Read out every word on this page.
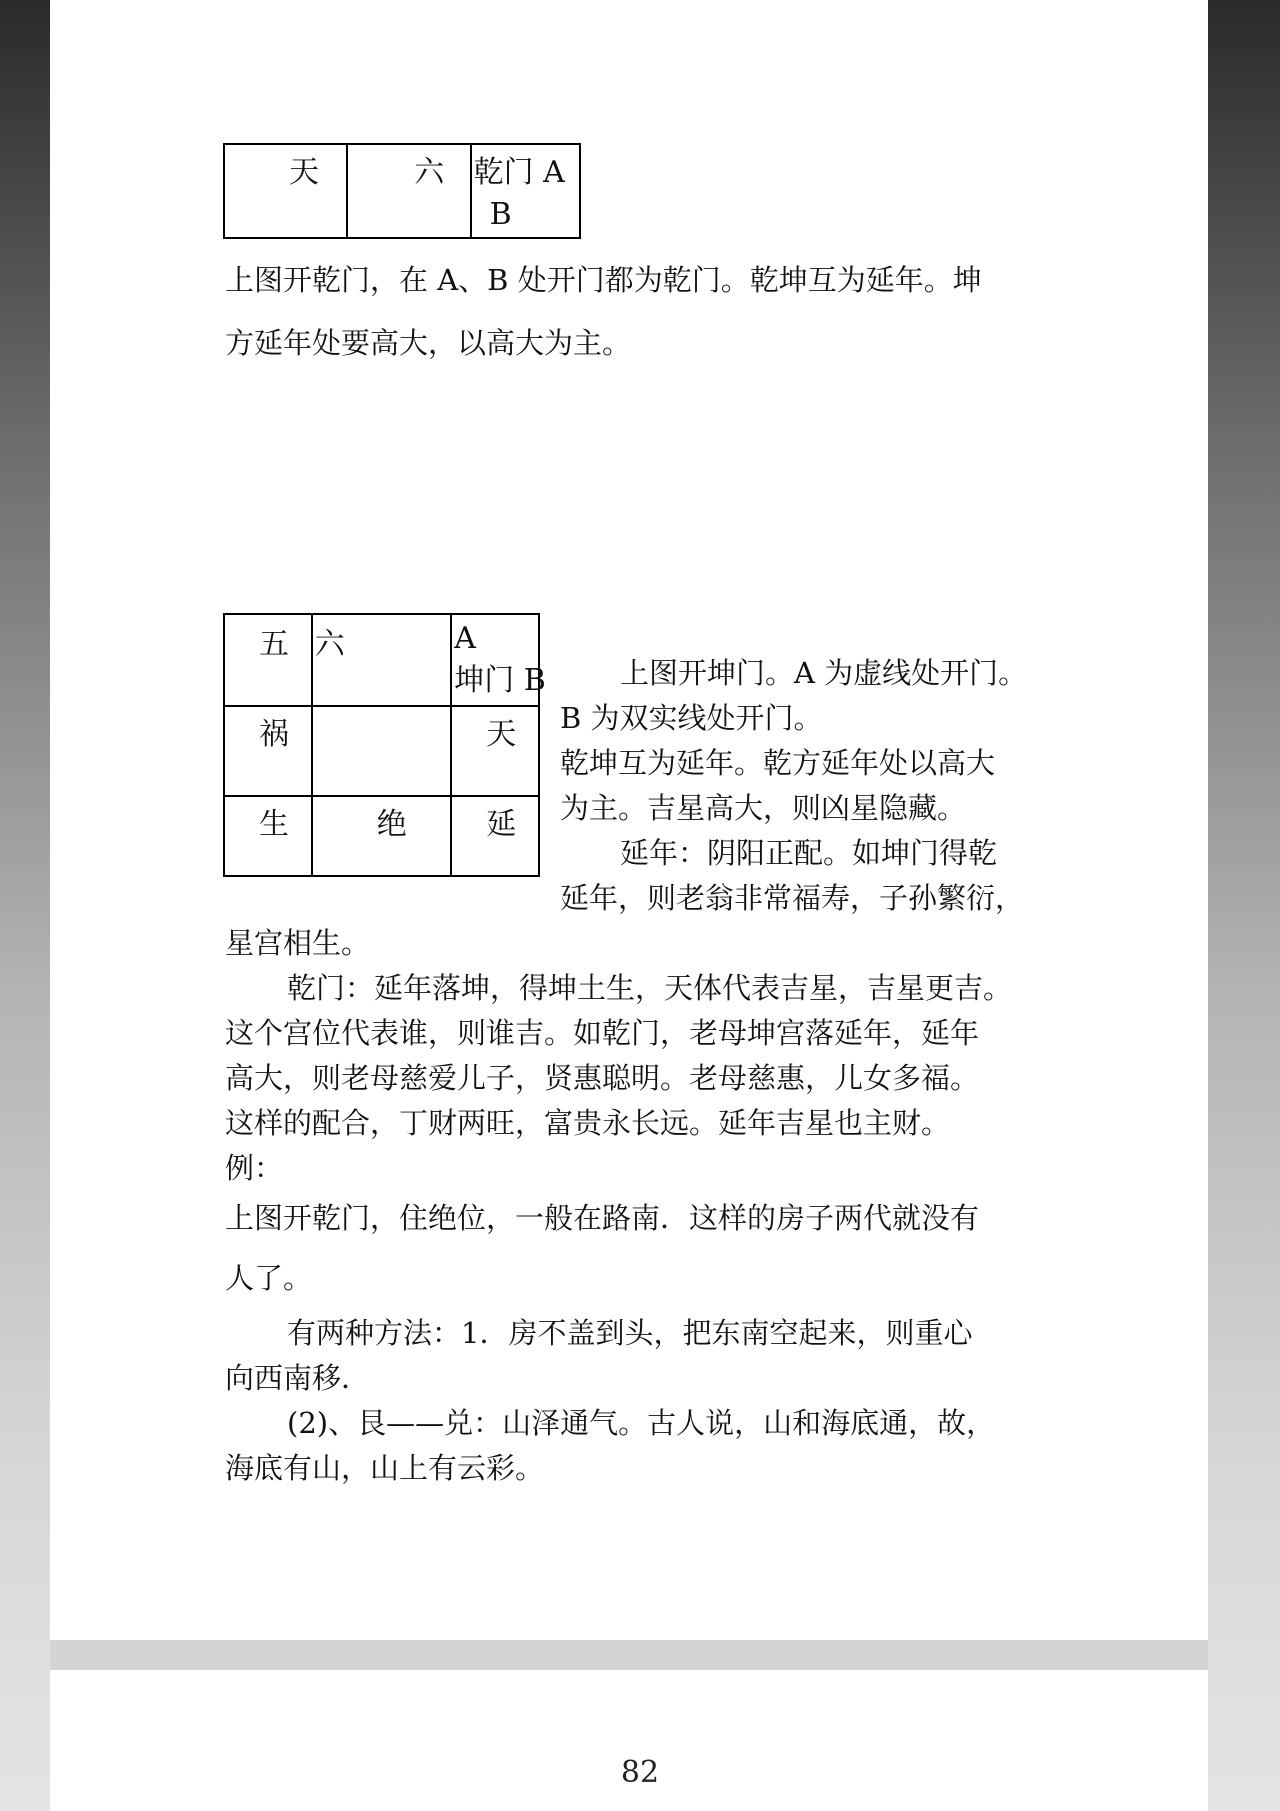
天	六	乾门 A
B

上图开乾门，在 A、B 处开门都为乾门。乾坤互为延年。坤

方延年处要高大，以高大为主。

五	六	A
坤门 B

祸		天

生	绝	延

上图开坤门。A 为虚线处开门。

B 为双实线处开门。

乾坤互为延年。乾方延年处以高大

为主。吉星高大，则凶星隐藏。

延年：阴阳正配。如坤门得乾

延年，则老翁非常福寿，子孙繁衍，

星宫相生。

乾门：延年落坤，得坤土生，天体代表吉星，吉星更吉。

这个宫位代表谁，则谁吉。如乾门，老母坤宫落延年，延年

高大，则老母慈爱儿子，贤惠聪明。老母慈惠，儿女多福。

这样的配合，丁财两旺，富贵永长远。延年吉星也主财。

例：

上图开乾门，住绝位，一般在路南．这样的房子两代就没有

人了。

有两种方法：1．房不盖到头，把东南空起来，则重心

向西南移．

(2)、艮——兑：山泽通气。古人说，山和海底通，故，

海底有山，山上有云彩。

82
